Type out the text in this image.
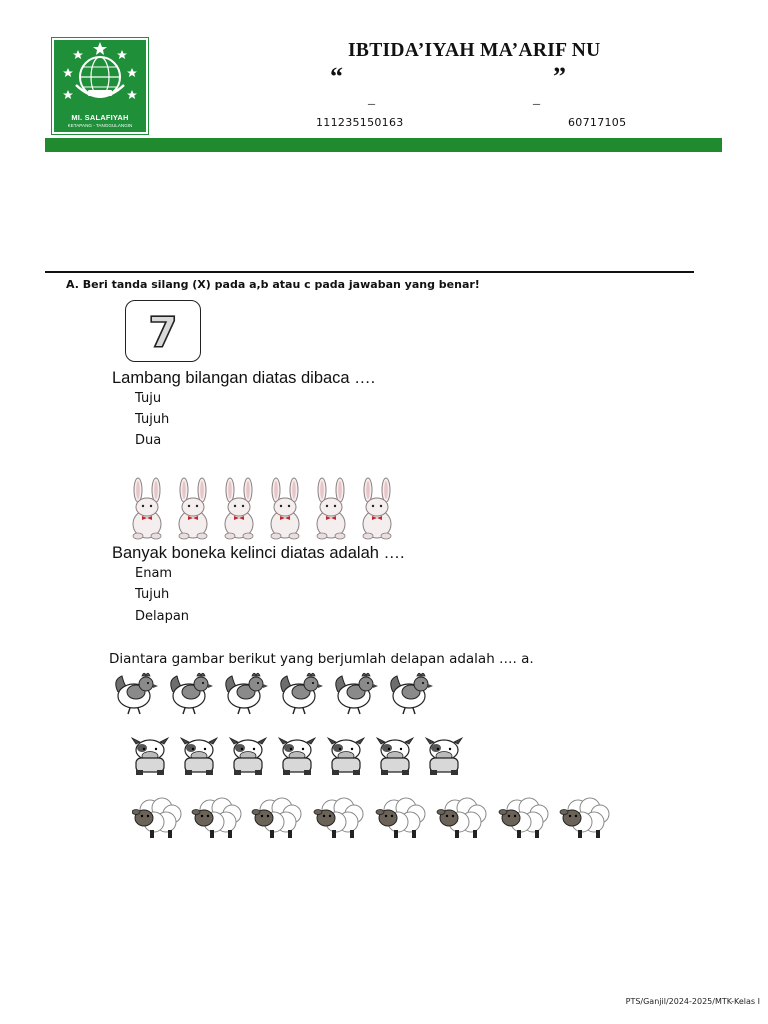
MI. SALAFIYAH
KETAPANG - TANGGULANGIN
IBTIDA’IYAH MA’ARIF NU
“	”
_	_
111235150163	60717105
A. Beri tanda silang (X) pada a,b atau c pada jawaban yang benar!
7
Lambang bilangan diatas dibaca ….
Tuju
Tujuh
Dua
Banyak boneka kelinci diatas adalah ….
Enam
Tujuh
Delapan
Diantara gambar berikut yang berjumlah delapan adalah …. a.
PTS/Ganjil/2024-2025/MTK-Kelas I
